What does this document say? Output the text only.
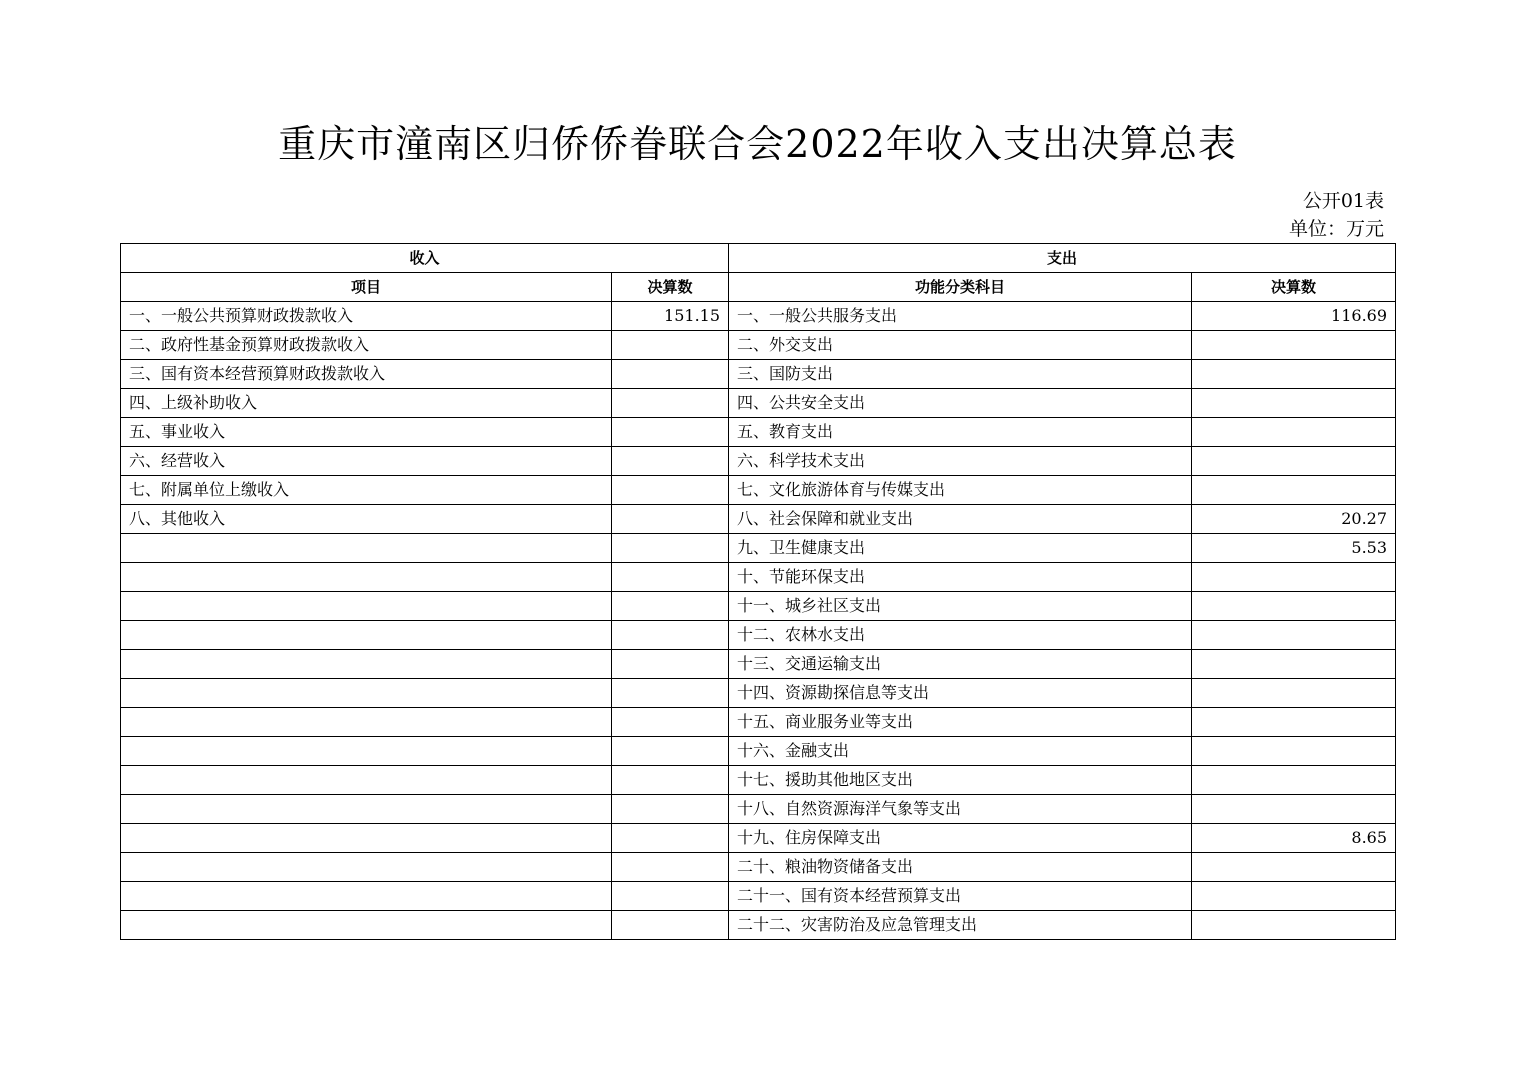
重庆市潼南区归侨侨眷联合会2022年收入支出决算总表
公开01表
单位：万元
收入		支出	
项目	决算数	功能分类科目	决算数
一、一般公共预算财政拨款收入	151.15	一、一般公共服务支出	116.69
二、政府性基金预算财政拨款收入		二、外交支出	
三、国有资本经营预算财政拨款收入		三、国防支出	
四、上级补助收入		四、公共安全支出	
五、事业收入		五、教育支出	
六、经营收入		六、科学技术支出	
七、附属单位上缴收入		七、文化旅游体育与传媒支出	
八、其他收入		八、社会保障和就业支出	20.27
		九、卫生健康支出	5.53
		十、节能环保支出	
		十一、城乡社区支出	
		十二、农林水支出	
		十三、交通运输支出	
		十四、资源勘探信息等支出	
		十五、商业服务业等支出	
		十六、金融支出	
		十七、援助其他地区支出	
		十八、自然资源海洋气象等支出	
		十九、住房保障支出	8.65
		二十、粮油物资储备支出	
		二十一、国有资本经营预算支出	
		二十二、灾害防治及应急管理支出	
